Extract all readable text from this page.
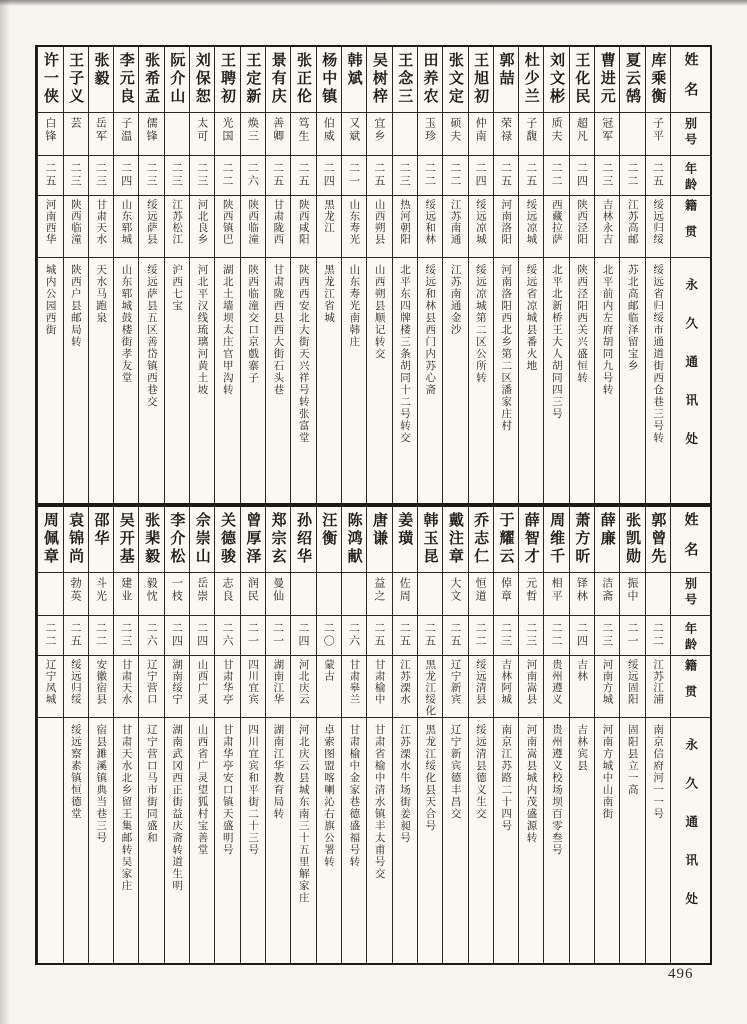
姓名
别号
年龄
籍贯
永久通讯处
库乘衡
子平
二五
绥远归绥
绥远省归绥市通道街西仓巷三号转
夏云鹄
二二
江苏高邮
苏北高邮临泽留宝乡
曹进元
冠军
二三
吉林永吉
北平前内左府胡同九号转
王化民
超凡
二四
陕西泾阳
陕西泾阳西关兴盛恒转
刘文彬
质夫
二二
西藏拉萨
北平北新桥王大人胡同四三号
杜少兰
子馥
二五
绥远凉城
绥远省凉城县番火地
郭喆
荣禄
二五
河南洛阳
河南洛阳西北乡第二区潘家庄村
王旭初
仲南
二四
绥远凉城
绥远凉城第二区公所转
张文定
硕夫
二二
江苏南通
江苏南通金沙
田养农
玉珍
二二
绥远和林
绥远和林县西门内苏心斋
王念三
二三
热河朝阳
北平东四牌楼三条胡同十二号转交
吴树梓
宜乡
二五
山西朔县
山西朔县顺记转交
韩斌
又斌
二一
山东寿光
山东寿光南韩庄
杨中镇
伯威
二四
黑龙江
黑龙江省城
张正伦
笃生
二五
陕西咸阳
陕西西安北大街天兴祥号转张富堂
景有庆
善卿
二五
甘肃陇西
甘肃陇西县西大街石头巷
王定新
焕三
二六
陕西临潼
陕西临潼交口京戲寨子
王聘初
光国
二二
陕西镇巴
湖北土墙坝太庄官甲沟转
刘保恕
太可
二三
河北良乡
河北平汉线琉璃河黄土坡
阮介山
二三
江苏松江
沪西七宝
张希孟
儒锋
二三
绥远萨县
绥远萨县五区善岱镇西巷交
李元良
子温
二四
山东郓城
山东郓城鼓楼街孝友堂
张毅
岳军
二三
甘肃天水
天水马跑泉
王子义
芸
二三
陕西临潼
陕西户县邮局转
许一侠
白锋
二五
河南西华
城内公园西街
姓名
别号
年龄
籍贯
永久通讯处
郭曾先
二二
江苏江浦
南京信府河一一号
张凯勋
振中
二一
绥远固阳
固阳县立一高
薛廉
洁斋
二三
河南方城
河南方城中山南街
萧方昕
铎林
二四
吉林
吉林宾县
周维千
相平
二二
贵州遵义
贵州遵义校场坝百零叁号
薛智才
元哲
二三
河南嵩县
河南嵩县城内茂盛源转
于耀云
倬章
二三
吉林阿城
南京江苏路二十四号
乔志仁
恒道
二二
绥远清县
绥远清县德义生交
戴注章
大文
二五
辽宁新宾
辽宁新宾德丰昌交
韩玉昆
二五
黑龙江绥化
黑龙江绥化县天合号
姜璜
佐周
二五
江苏溧水
江苏溧水牛场街姜昶号
唐谦
益之
二五
甘肃榆中
甘肃省榆中清水镇丰太甫号交
陈鸿献
二六
甘肃皋兰
甘肃榆中金家巷德盛福号转
汪衡
二〇
蒙古
卓索图盟喀喇沁右旗公署转
孙绍华
二四
河北庆云
河北庆云县城东南三十五里解家庄
郑宗玄
曼仙
二一
湖南江华
湖南江华教育局转
曾厚泽
润民
二一
四川宜宾
四川宜宾和平街二十三号
关德骏
志良
二六
甘肃华亭
甘肃华亭安口镇天盛明号
佘崇山
岳崇
二四
山西广灵
山西省广灵望狐村宝善堂
李介松
一枝
二四
湖南绥宁
湖南武冈西正街益庆斋转道生明
张棐毅
毅忱
二六
辽宁营口
辽宁营口马市街同盛和
吴开基
建业
二三
甘肃天水
甘肃天水北乡留王集邮转吴家庄
邵华
斗光
二二
安徽宿县
宿县濉溪镇典当巷三号
袁锦尚
勃英
二五
绥远归绥
绥远察素镇恒德堂
周佩章
二二
辽宁凤城
496
